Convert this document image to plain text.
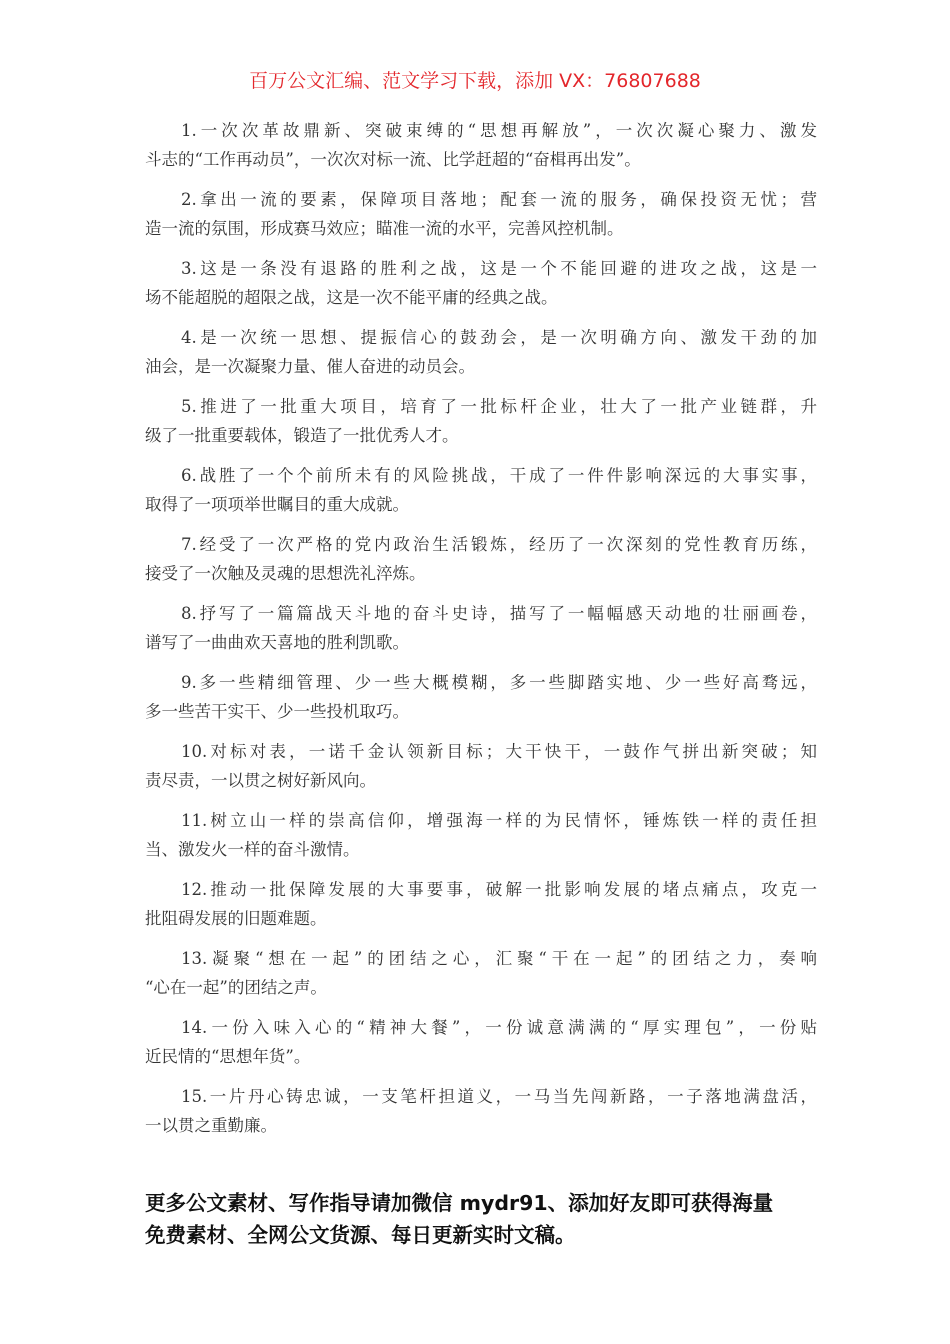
百万公文汇编、范文学习下载，添加 VX：76807688
1.一次次革故鼎新、突破束缚的“思想再解放”，一次次凝心聚力、激发
斗志的“工作再动员”，一次次对标一流、比学赶超的“奋楫再出发”。
2.拿出一流的要素，保障项目落地；配套一流的服务，确保投资无忧；营
造一流的氛围，形成赛马效应；瞄准一流的水平，完善风控机制。
3.这是一条没有退路的胜利之战，这是一个不能回避的进攻之战，这是一
场不能超脱的超限之战，这是一次不能平庸的经典之战。
4.是一次统一思想、提振信心的鼓劲会，是一次明确方向、激发干劲的加
油会，是一次凝聚力量、催人奋进的动员会。
5.推进了一批重大项目，培育了一批标杆企业，壮大了一批产业链群，升
级了一批重要载体，锻造了一批优秀人才。
6.战胜了一个个前所未有的风险挑战，干成了一件件影响深远的大事实事，
取得了一项项举世瞩目的重大成就。
7.经受了一次严格的党内政治生活锻炼，经历了一次深刻的党性教育历练，
接受了一次触及灵魂的思想洗礼淬炼。
8.抒写了一篇篇战天斗地的奋斗史诗，描写了一幅幅感天动地的壮丽画卷，
谱写了一曲曲欢天喜地的胜利凯歌。
9.多一些精细管理、少一些大概模糊，多一些脚踏实地、少一些好高骛远，
多一些苦干实干、少一些投机取巧。
10.对标对表，一诺千金认领新目标；大干快干，一鼓作气拼出新突破；知
责尽责，一以贯之树好新风向。
11.树立山一样的崇高信仰，增强海一样的为民情怀，锤炼铁一样的责任担
当、激发火一样的奋斗激情。
12.推动一批保障发展的大事要事，破解一批影响发展的堵点痛点，攻克一
批阻碍发展的旧题难题。
13.凝聚“想在一起”的团结之心，汇聚“干在一起”的团结之力，奏响
“心在一起”的团结之声。
14.一份入味入心的“精神大餐”，一份诚意满满的“厚实理包”，一份贴
近民情的“思想年货”。
15.一片丹心铸忠诚，一支笔杆担道义，一马当先闯新路，一子落地满盘活，
一以贯之重勤廉。
更多公文素材、写作指导请加微信 mydr91、添加好友即可获得海量
免费素材、全网公文货源、每日更新实时文稿。
